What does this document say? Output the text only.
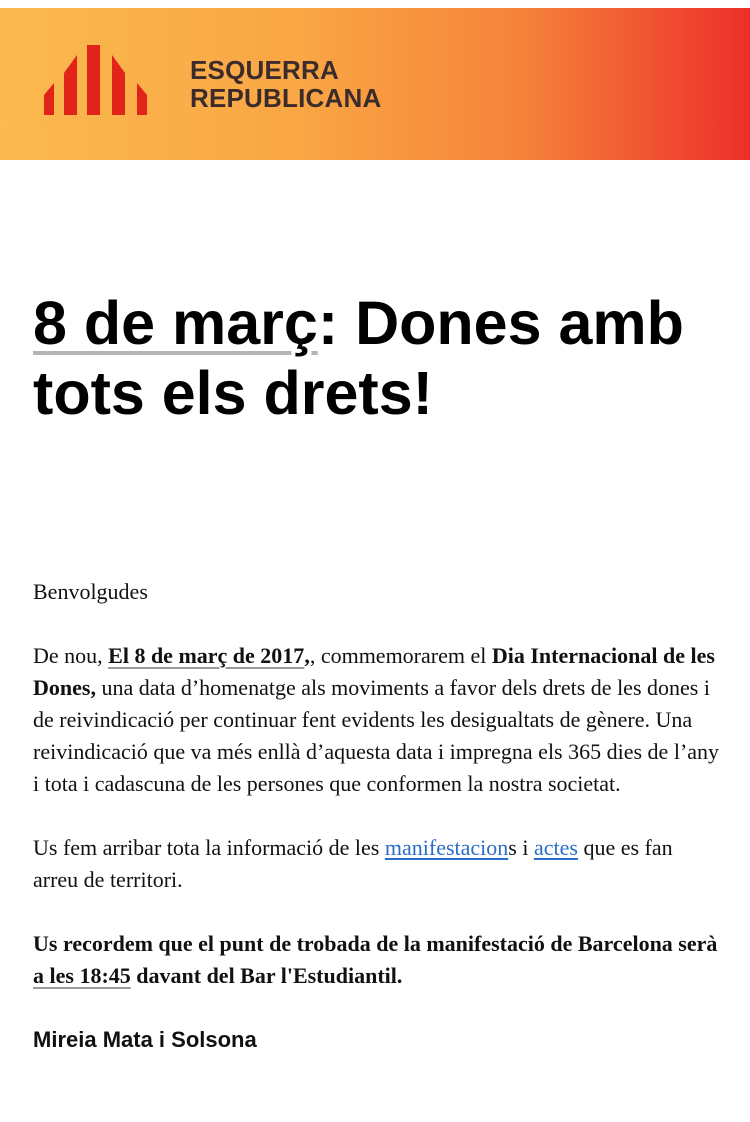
ESQUERRA
REPUBLICANA
8 de març: Dones amb tots els drets!

Benvolgudes

De nou, El 8 de març de 2017,, commemorarem el Dia Internacional de les Dones, una data d’homenatge als moviments a favor dels drets de les dones i de reivindicació per continuar fent evidents les desigualtats de gènere. Una reivindicació que va més enllà d’aquesta data i impregna els 365 dies de l’any i tota i cadascuna de les persones que conformen la nostra societat.

Us fem arribar tota la informació de les manifestacions i actes que es fan arreu de territori.

Us recordem que el punt de trobada de la manifestació de Barcelona serà a les 18:45 davant del Bar l'Estudiantil.

Mireia Mata i Solsona
